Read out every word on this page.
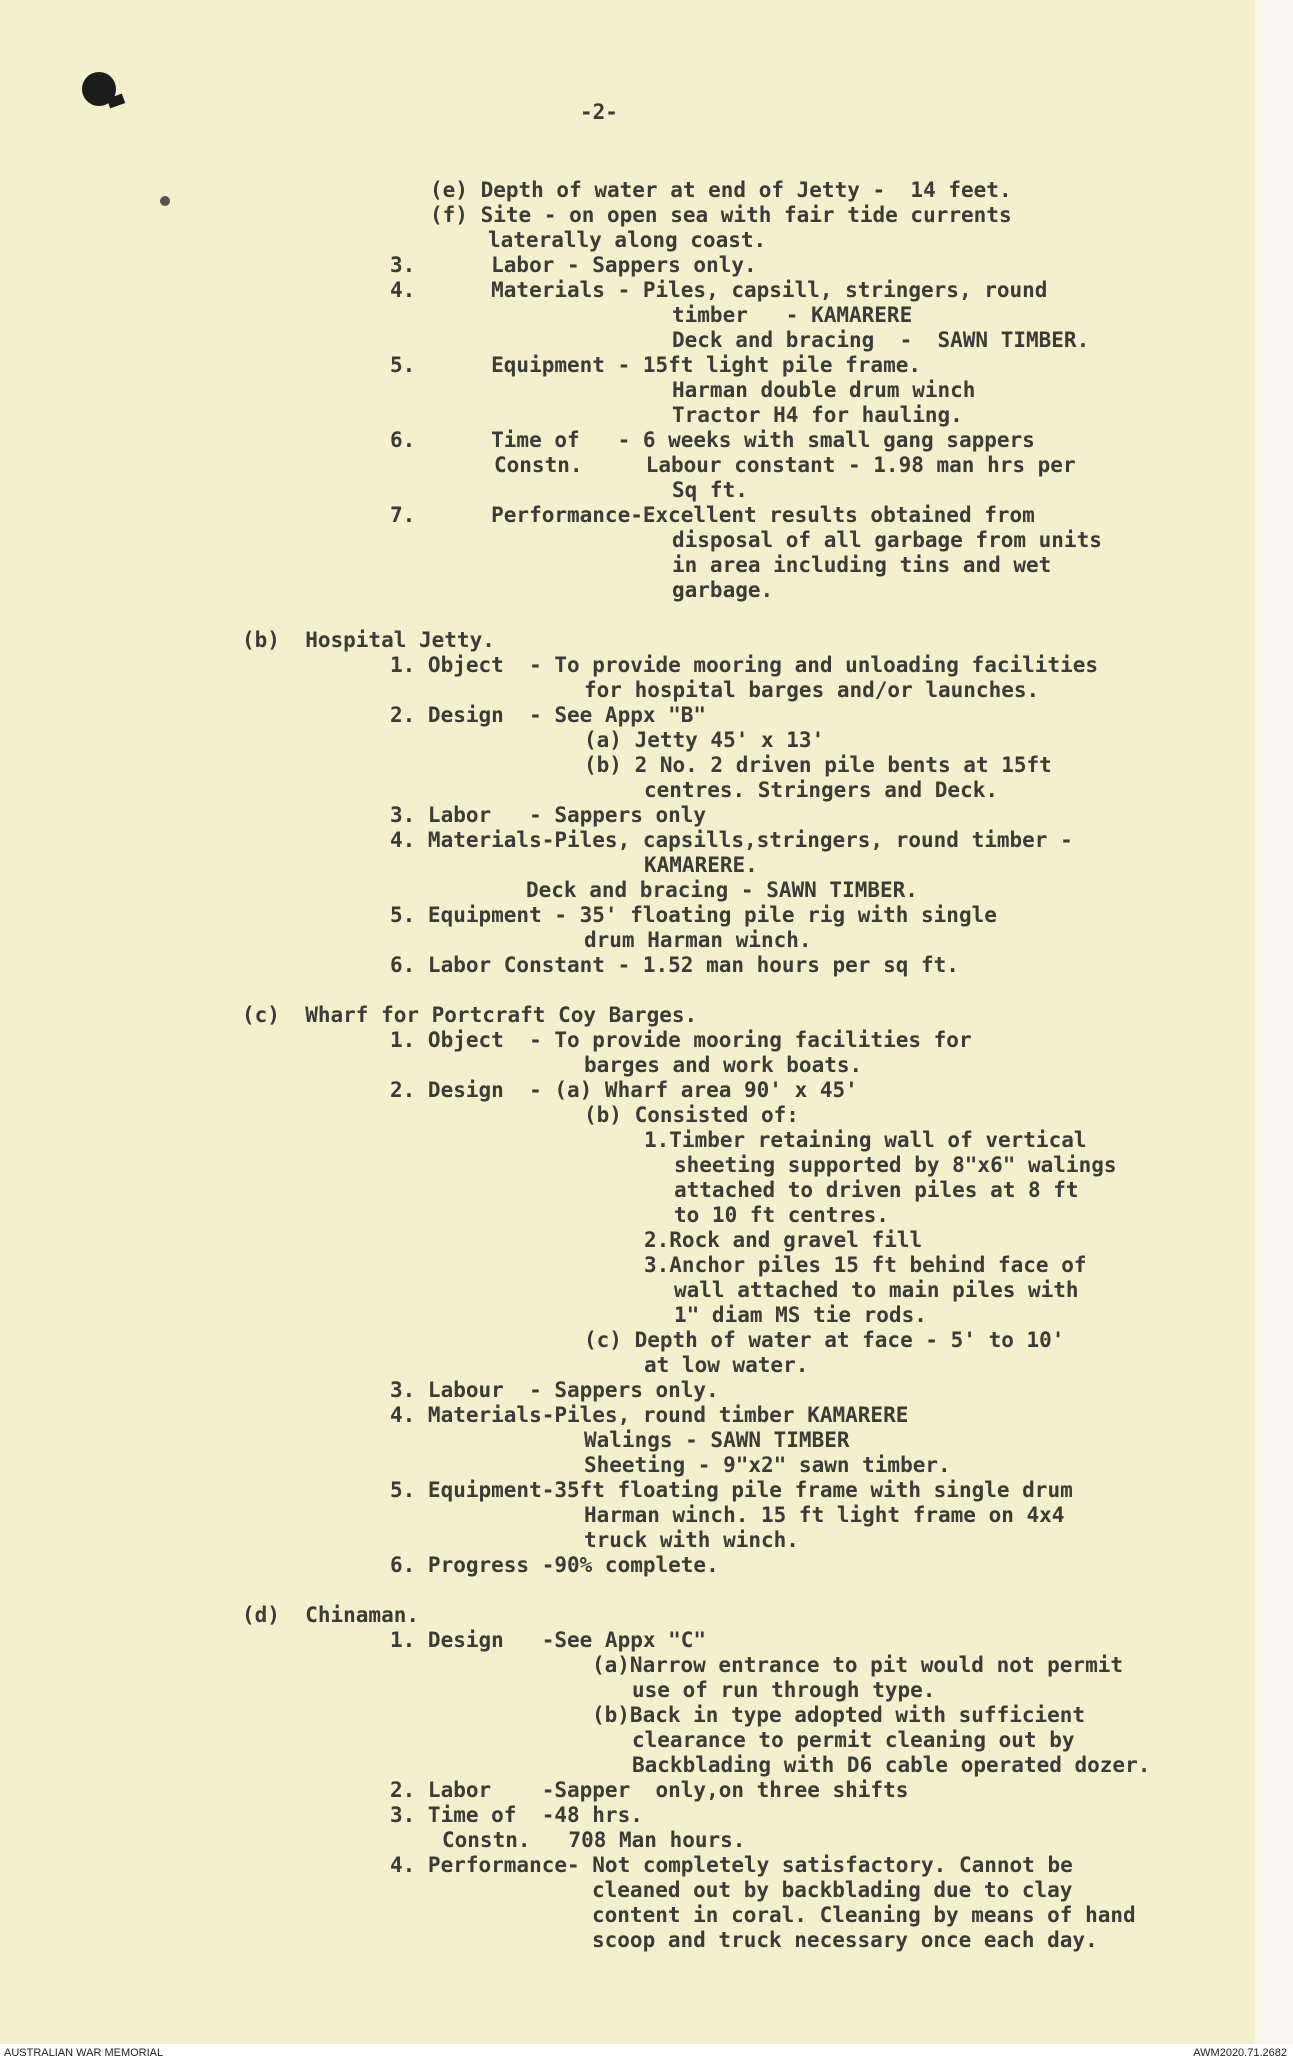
-2-

(e) Depth of water at end of Jetty -  14 feet.
(f) Site - on open sea with fair tide currents
laterally along coast.
3.      Labor - Sappers only.
4.      Materials - Piles, capsill, stringers, round
timber   - KAMARERE
Deck and bracing  -  SAWN TIMBER.
5.      Equipment - 15ft light pile frame.
Harman double drum winch
Tractor H4 for hauling.
6.      Time of   - 6 weeks with small gang sappers
Constn.     Labour constant - 1.98 man hrs per
Sq ft.
7.      Performance-Excellent results obtained from
disposal of all garbage from units
in area including tins and wet
garbage.
(b)  Hospital Jetty.
1. Object  - To provide mooring and unloading facilities
for hospital barges and/or launches.
2. Design  - See Appx "B"
(a) Jetty 45' x 13'
(b) 2 No. 2 driven pile bents at 15ft
centres. Stringers and Deck.
3. Labor   - Sappers only
4. Materials-Piles, capsills,stringers, round timber -
KAMARERE.
Deck and bracing - SAWN TIMBER.
5. Equipment - 35' floating pile rig with single
drum Harman winch.
6. Labor Constant - 1.52 man hours per sq ft.
(c)  Wharf for Portcraft Coy Barges.
1. Object  - To provide mooring facilities for
barges and work boats.
2. Design  - (a) Wharf area 90' x 45'
(b) Consisted of:
1.Timber retaining wall of vertical
sheeting supported by 8"x6" walings
attached to driven piles at 8 ft
to 10 ft centres.
2.Rock and gravel fill
3.Anchor piles 15 ft behind face of
wall attached to main piles with
1" diam MS tie rods.
(c) Depth of water at face - 5' to 10'
at low water.
3. Labour  - Sappers only.
4. Materials-Piles, round timber KAMARERE
Walings - SAWN TIMBER
Sheeting - 9"x2" sawn timber.
5. Equipment-35ft floating pile frame with single drum
Harman winch. 15 ft light frame on 4x4
truck with winch.
6. Progress -90% complete.
(d)  Chinaman.
1. Design   -See Appx "C"
(a)Narrow entrance to pit would not permit
use of run through type.
(b)Back in type adopted with sufficient
clearance to permit cleaning out by
Backblading with D6 cable operated dozer.
2. Labor    -Sapper  only,on three shifts
3. Time of  -48 hrs.
Constn.   708 Man hours.
4. Performance- Not completely satisfactory. Cannot be
cleaned out by backblading due to clay
content in coral. Cleaning by means of hand
scoop and truck necessary once each day.
AUSTRALIAN WAR MEMORIAL	AWM2020.71.2682
